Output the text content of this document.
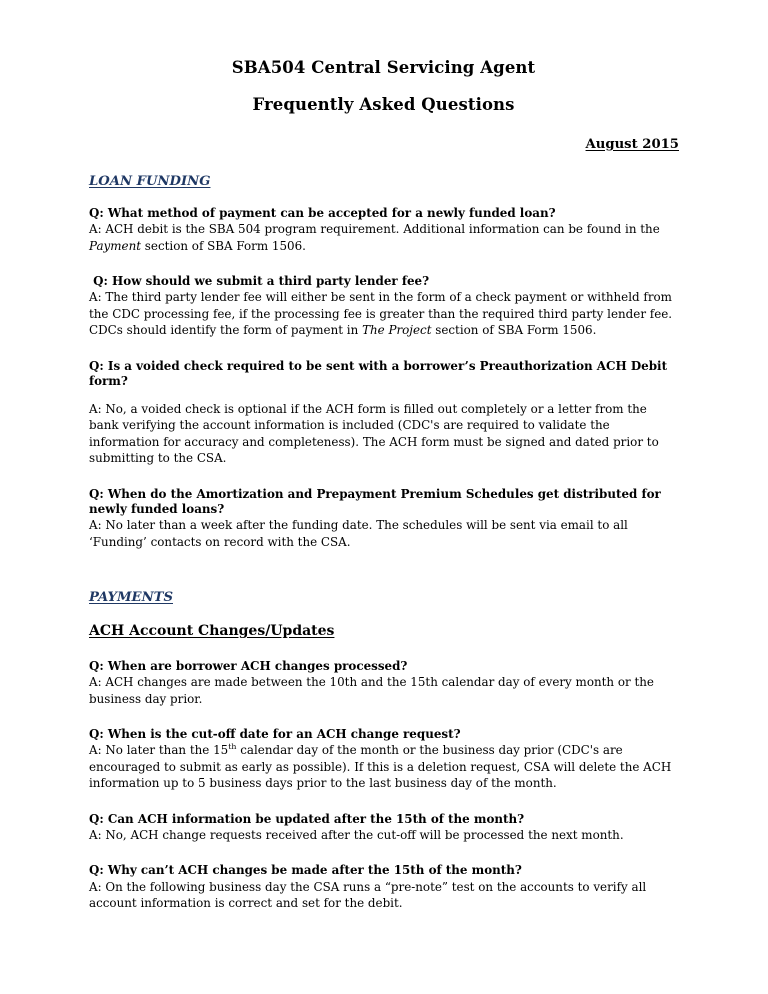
SBA504 Central Servicing Agent
Frequently Asked Questions
August 2015
LOAN FUNDING

Q: What method of payment can be accepted for a newly funded loan?

A: ACH debit is the SBA 504 program requirement. Additional information can be found in the Payment section of SBA Form 1506.

Q: How should we submit a third party lender fee?

A: The third party lender fee will either be sent in the form of a check payment or withheld from the CDC processing fee, if the processing fee is greater than the required third party lender fee. CDCs should identify the form of payment in The Project section of SBA Form 1506.

Q: Is a voided check required to be sent with a borrower’s Preauthorization ACH Debit form?

A: No, a voided check is optional if the ACH form is filled out completely or a letter from the bank verifying the account information is included (CDC's are required to validate the information for accuracy and completeness). The ACH form must be signed and dated prior to submitting to the CSA.

Q: When do the Amortization and Prepayment Premium Schedules get distributed for newly funded loans?

A: No later than a week after the funding date. The schedules will be sent via email to all ‘Funding’ contacts on record with the CSA.

PAYMENTS
ACH Account Changes/Updates

Q: When are borrower ACH changes processed?

A: ACH changes are made between the 10th and the 15th calendar day of every month or the business day prior.

Q: When is the cut-off date for an ACH change request?

A: No later than the 15th calendar day of the month or the business day prior (CDC's are encouraged to submit as early as possible). If this is a deletion request, CSA will delete the ACH information up to 5 business days prior to the last business day of the month.

Q: Can ACH information be updated after the 15th of the month?

A: No, ACH change requests received after the cut-off will be processed the next month.

Q: Why can’t ACH changes be made after the 15th of the month?

A: On the following business day the CSA runs a “pre-note” test on the accounts to verify all account information is correct and set for the debit.
